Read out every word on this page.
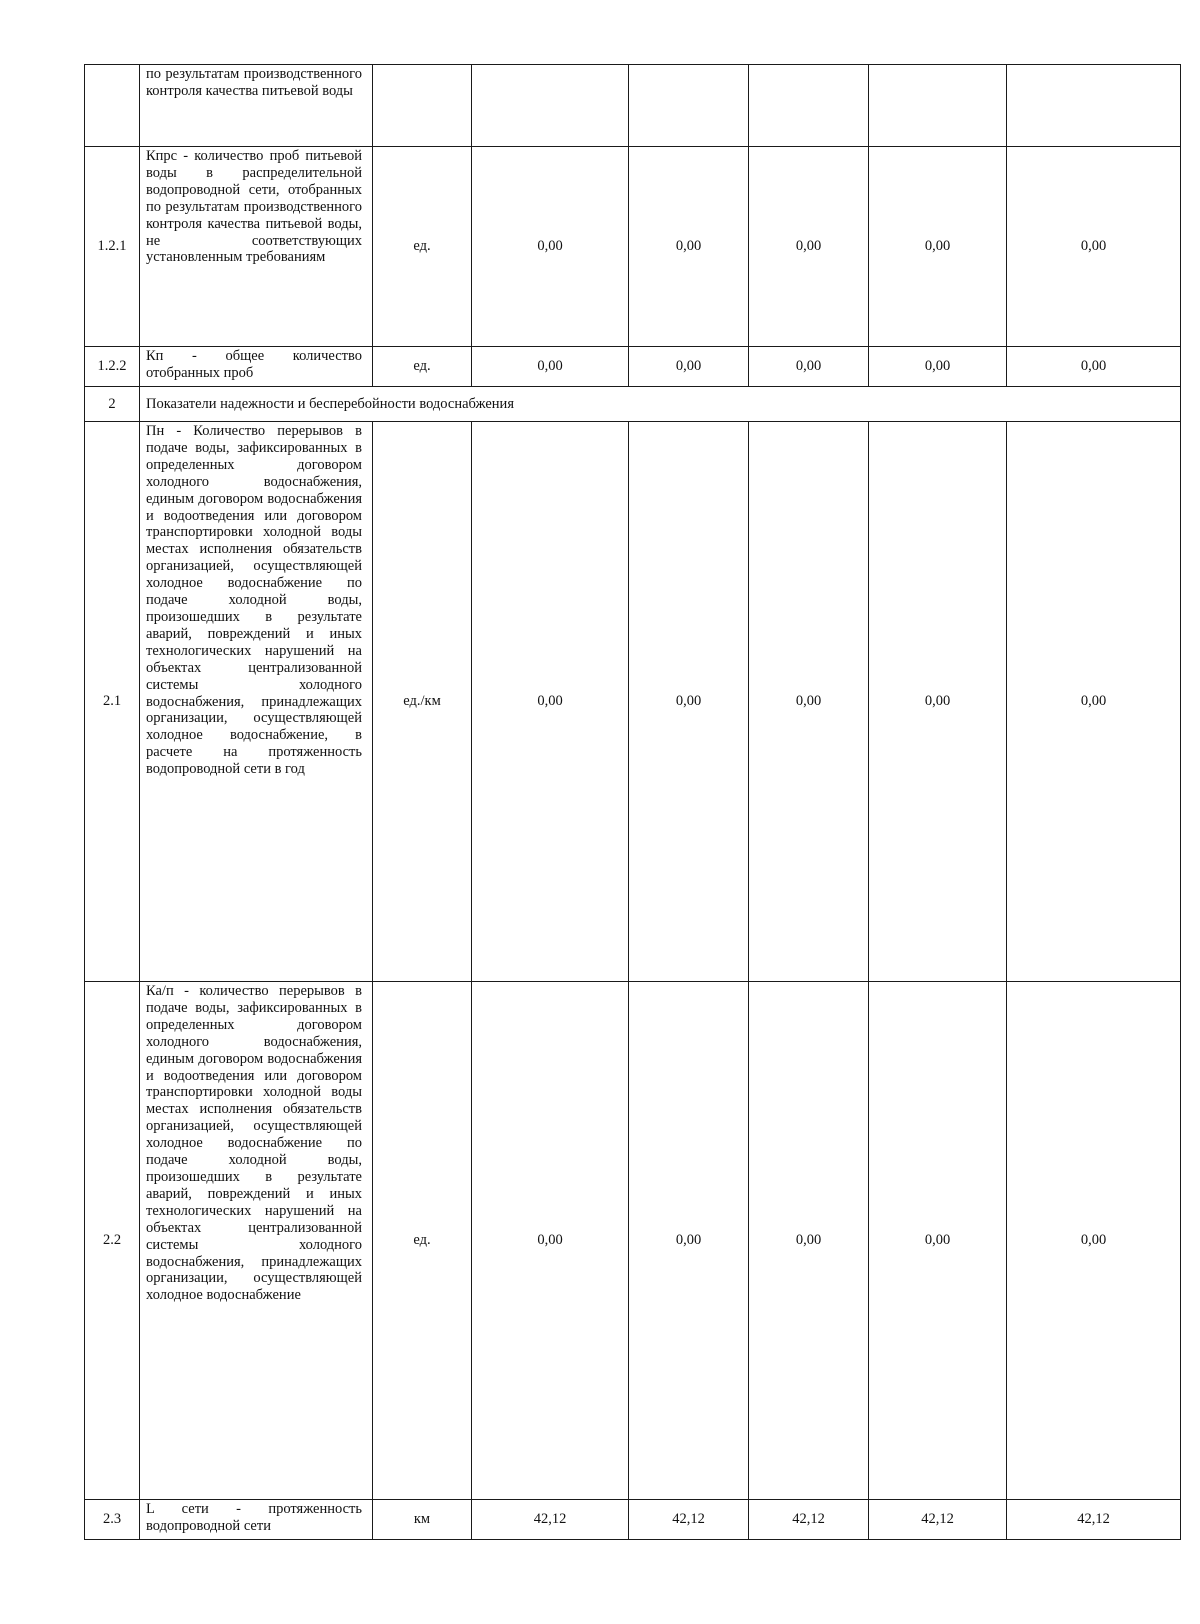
	по результатам производственного контроля качества питьевой воды						
1.2.1	Кпрс - количество проб питьевой воды в распределительной водопроводной сети, отобранных по результатам производственного контроля качества питьевой воды, не соответствующих установленным требованиям	ед.	0,00	0,00	0,00	0,00	0,00
1.2.2	Кп - общее количество отобранных проб	ед.	0,00	0,00	0,00	0,00	0,00
2	Показатели надежности и бесперебойности водоснабжения						
2.1	Пн - Количество перерывов в подаче воды, зафиксированных в определенных договором холодного водоснабжения, единым договором водоснабжения и водоотведения или договором транспортировки холодной воды местах исполнения обязательств организацией, осуществляющей холодное водоснабжение по подаче холодной воды, произошедших в результате аварий, повреждений и иных технологических нарушений на объектах централизованной системы холодного водоснабжения, принадлежащих организации, осуществляющей холодное водоснабжение, в расчете на протяженность водопроводной сети в год	ед./км	0,00	0,00	0,00	0,00	0,00
2.2	Ка/п - количество перерывов в подаче воды, зафиксированных в определенных договором холодного водоснабжения, единым договором водоснабжения и водоотведения или договором транспортировки холодной воды местах исполнения обязательств организацией, осуществляющей холодное водоснабжение по подаче холодной воды, произошедших в результате аварий, повреждений и иных технологических нарушений на объектах централизованной системы холодного водоснабжения, принадлежащих организации, осуществляющей холодное водоснабжение	ед.	0,00	0,00	0,00	0,00	0,00
2.3	L сети - протяженность водопроводной сети	км	42,12	42,12	42,12	42,12	42,12
